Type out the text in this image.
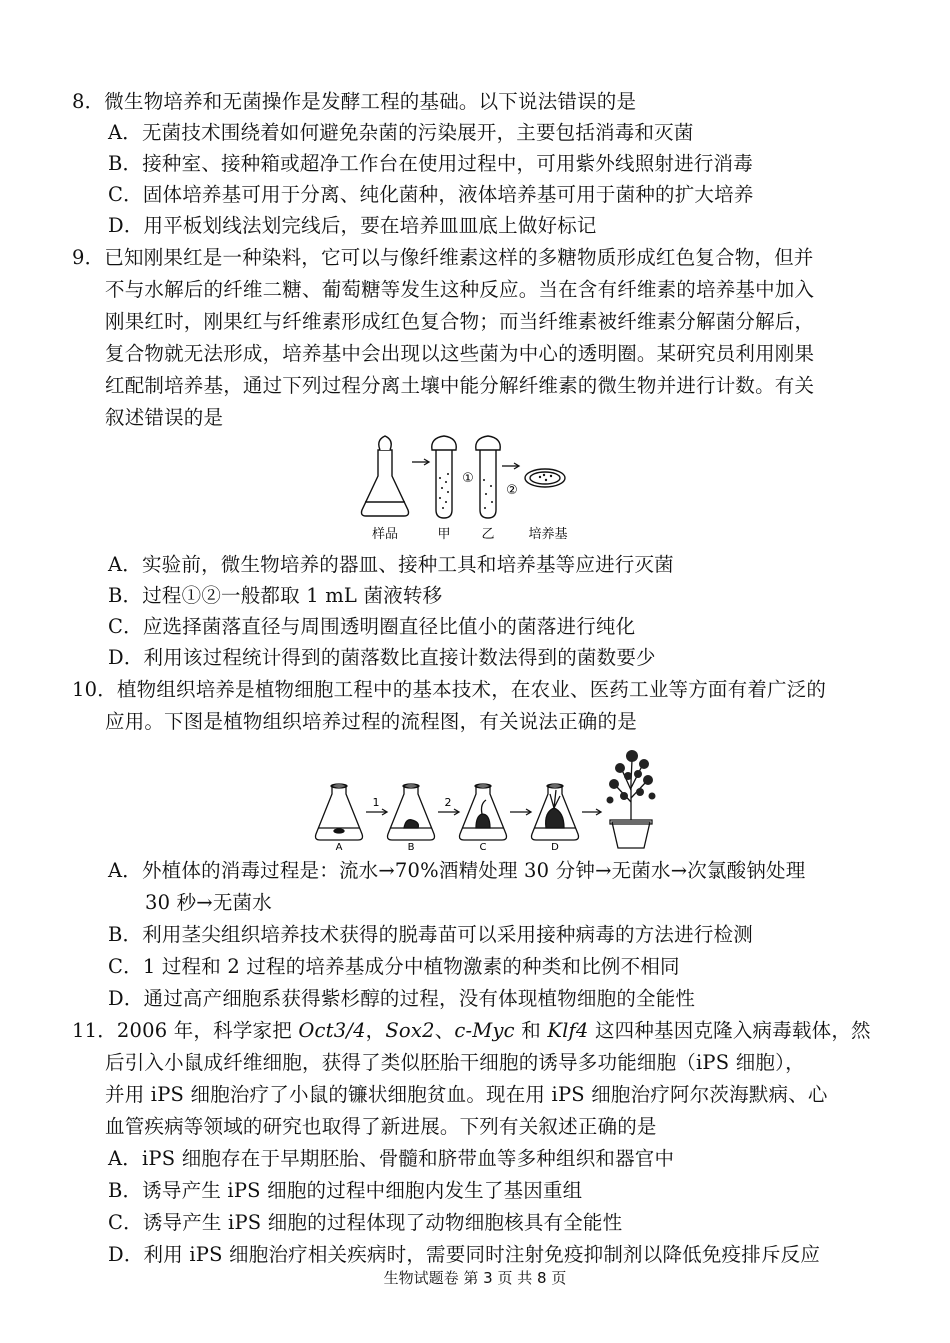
8．微生物培养和无菌操作是发酵工程的基础。以下说法错误的是
A．无菌技术围绕着如何避免杂菌的污染展开，主要包括消毒和灭菌
B．接种室、接种箱或超净工作台在使用过程中，可用紫外线照射进行消毒
C．固体培养基可用于分离、纯化菌种，液体培养基可用于菌种的扩大培养
D．用平板划线法划完线后，要在培养皿皿底上做好标记
9．已知刚果红是一种染料，它可以与像纤维素这样的多糖物质形成红色复合物，但并
不与水解后的纤维二糖、葡萄糖等发生这种反应。当在含有纤维素的培养基中加入
刚果红时，刚果红与纤维素形成红色复合物；而当纤维素被纤维素分解菌分解后，
复合物就无法形成，培养基中会出现以这些菌为中心的透明圈。某研究员利用刚果
红配制培养基，通过下列过程分离土壤中能分解纤维素的微生物并进行计数。有关
叙述错误的是
①
②
样品	甲 乙	培养基
A．实验前，微生物培养的器皿、接种工具和培养基等应进行灭菌
B．过程①②一般都取 1 mL 菌液转移
C．应选择菌落直径与周围透明圈直径比值小的菌落进行纯化
D．利用该过程统计得到的菌落数比直接计数法得到的菌数要少
10．植物组织培养是植物细胞工程中的基本技术，在农业、医药工业等方面有着广泛的
应用。下图是植物组织培养过程的流程图，有关说法正确的是
1	2
A	B	C	D
A．外植体的消毒过程是：流水→70%酒精处理 30 分钟→无菌水→次氯酸钠处理
30 秒→无菌水
B．利用茎尖组织培养技术获得的脱毒苗可以采用接种病毒的方法进行检测
C．1 过程和 2 过程的培养基成分中植物激素的种类和比例不相同
D．通过高产细胞系获得紫杉醇的过程，没有体现植物细胞的全能性
11．2006 年，科学家把 Oct3/4，Sox2、c-Myc 和 Klf4 这四种基因克隆入病毒载体，然
后引入小鼠成纤维细胞，获得了类似胚胎干细胞的诱导多功能细胞（iPS 细胞），
并用 iPS 细胞治疗了小鼠的镰状细胞贫血。现在用 iPS 细胞治疗阿尔茨海默病、心
血管疾病等领域的研究也取得了新进展。下列有关叙述正确的是
A．iPS 细胞存在于早期胚胎、骨髓和脐带血等多种组织和器官中
B．诱导产生 iPS 细胞的过程中细胞内发生了基因重组
C．诱导产生 iPS 细胞的过程体现了动物细胞核具有全能性
D．利用 iPS 细胞治疗相关疾病时，需要同时注射免疫抑制剂以降低免疫排斥反应
生物试题卷 第 3 页 共 8 页
